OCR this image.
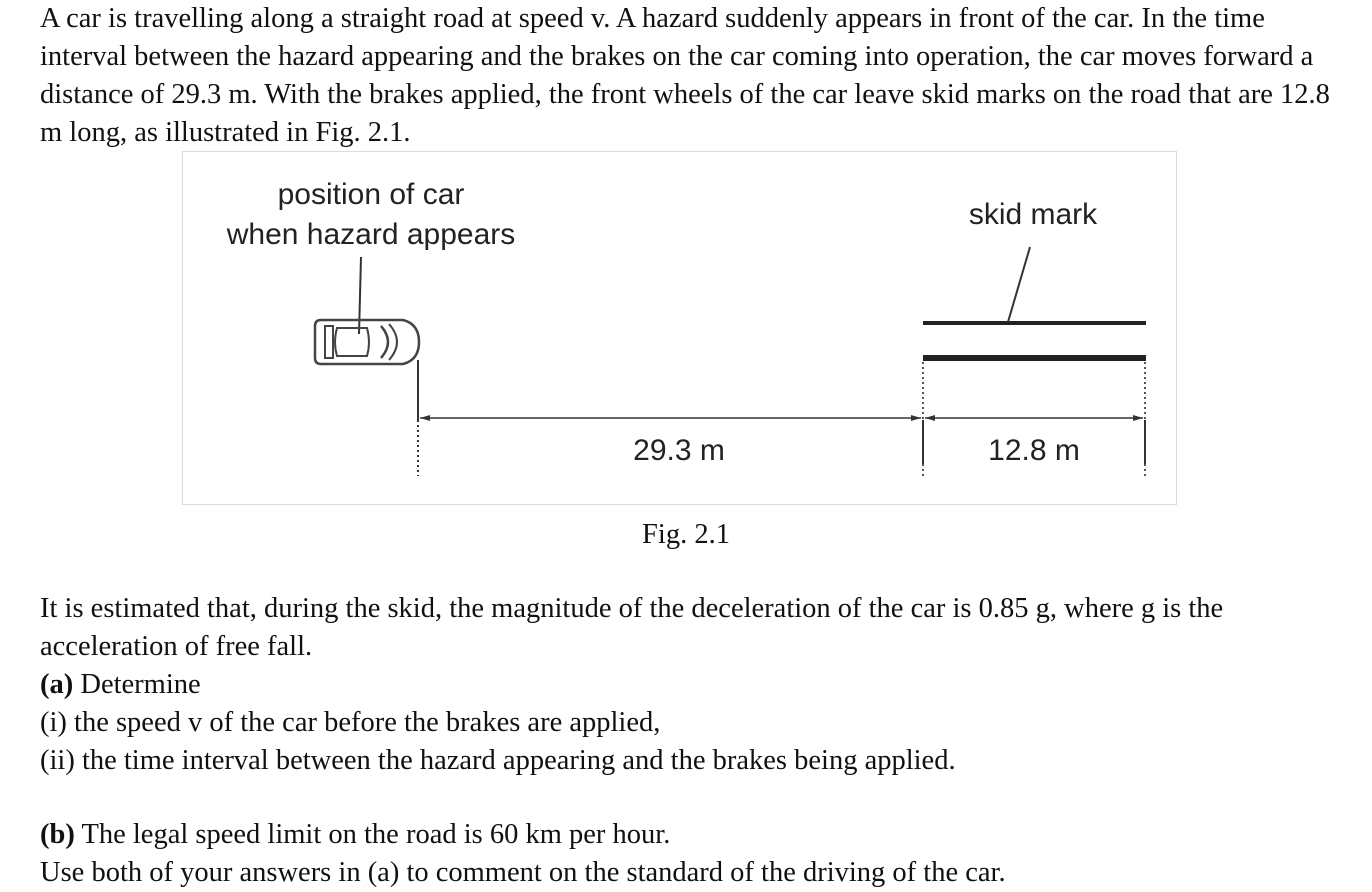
A car is travelling along a straight road at speed v. A hazard suddenly appears in front of the car. In the time interval between the hazard appearing and the brakes on the car coming into operation, the car moves forward a distance of 29.3 m. With the brakes applied, the front wheels of the car leave skid marks on the road that are 12.8 m long, as illustrated in Fig. 2.1.

position of car
when hazard appears
skid mark
29.3 m	12.8 m
Fig. 2.1

It is estimated that, during the skid, the magnitude of the deceleration of the car is 0.85 g, where g is the acceleration of free fall.

(a) Determine
(i) the speed v of the car before the brakes are applied,
(ii) the time interval between the hazard appearing and the brakes being applied.
(b) The legal speed limit on the road is 60 km per hour.
Use both of your answers in (a) to comment on the standard of the driving of the car.
